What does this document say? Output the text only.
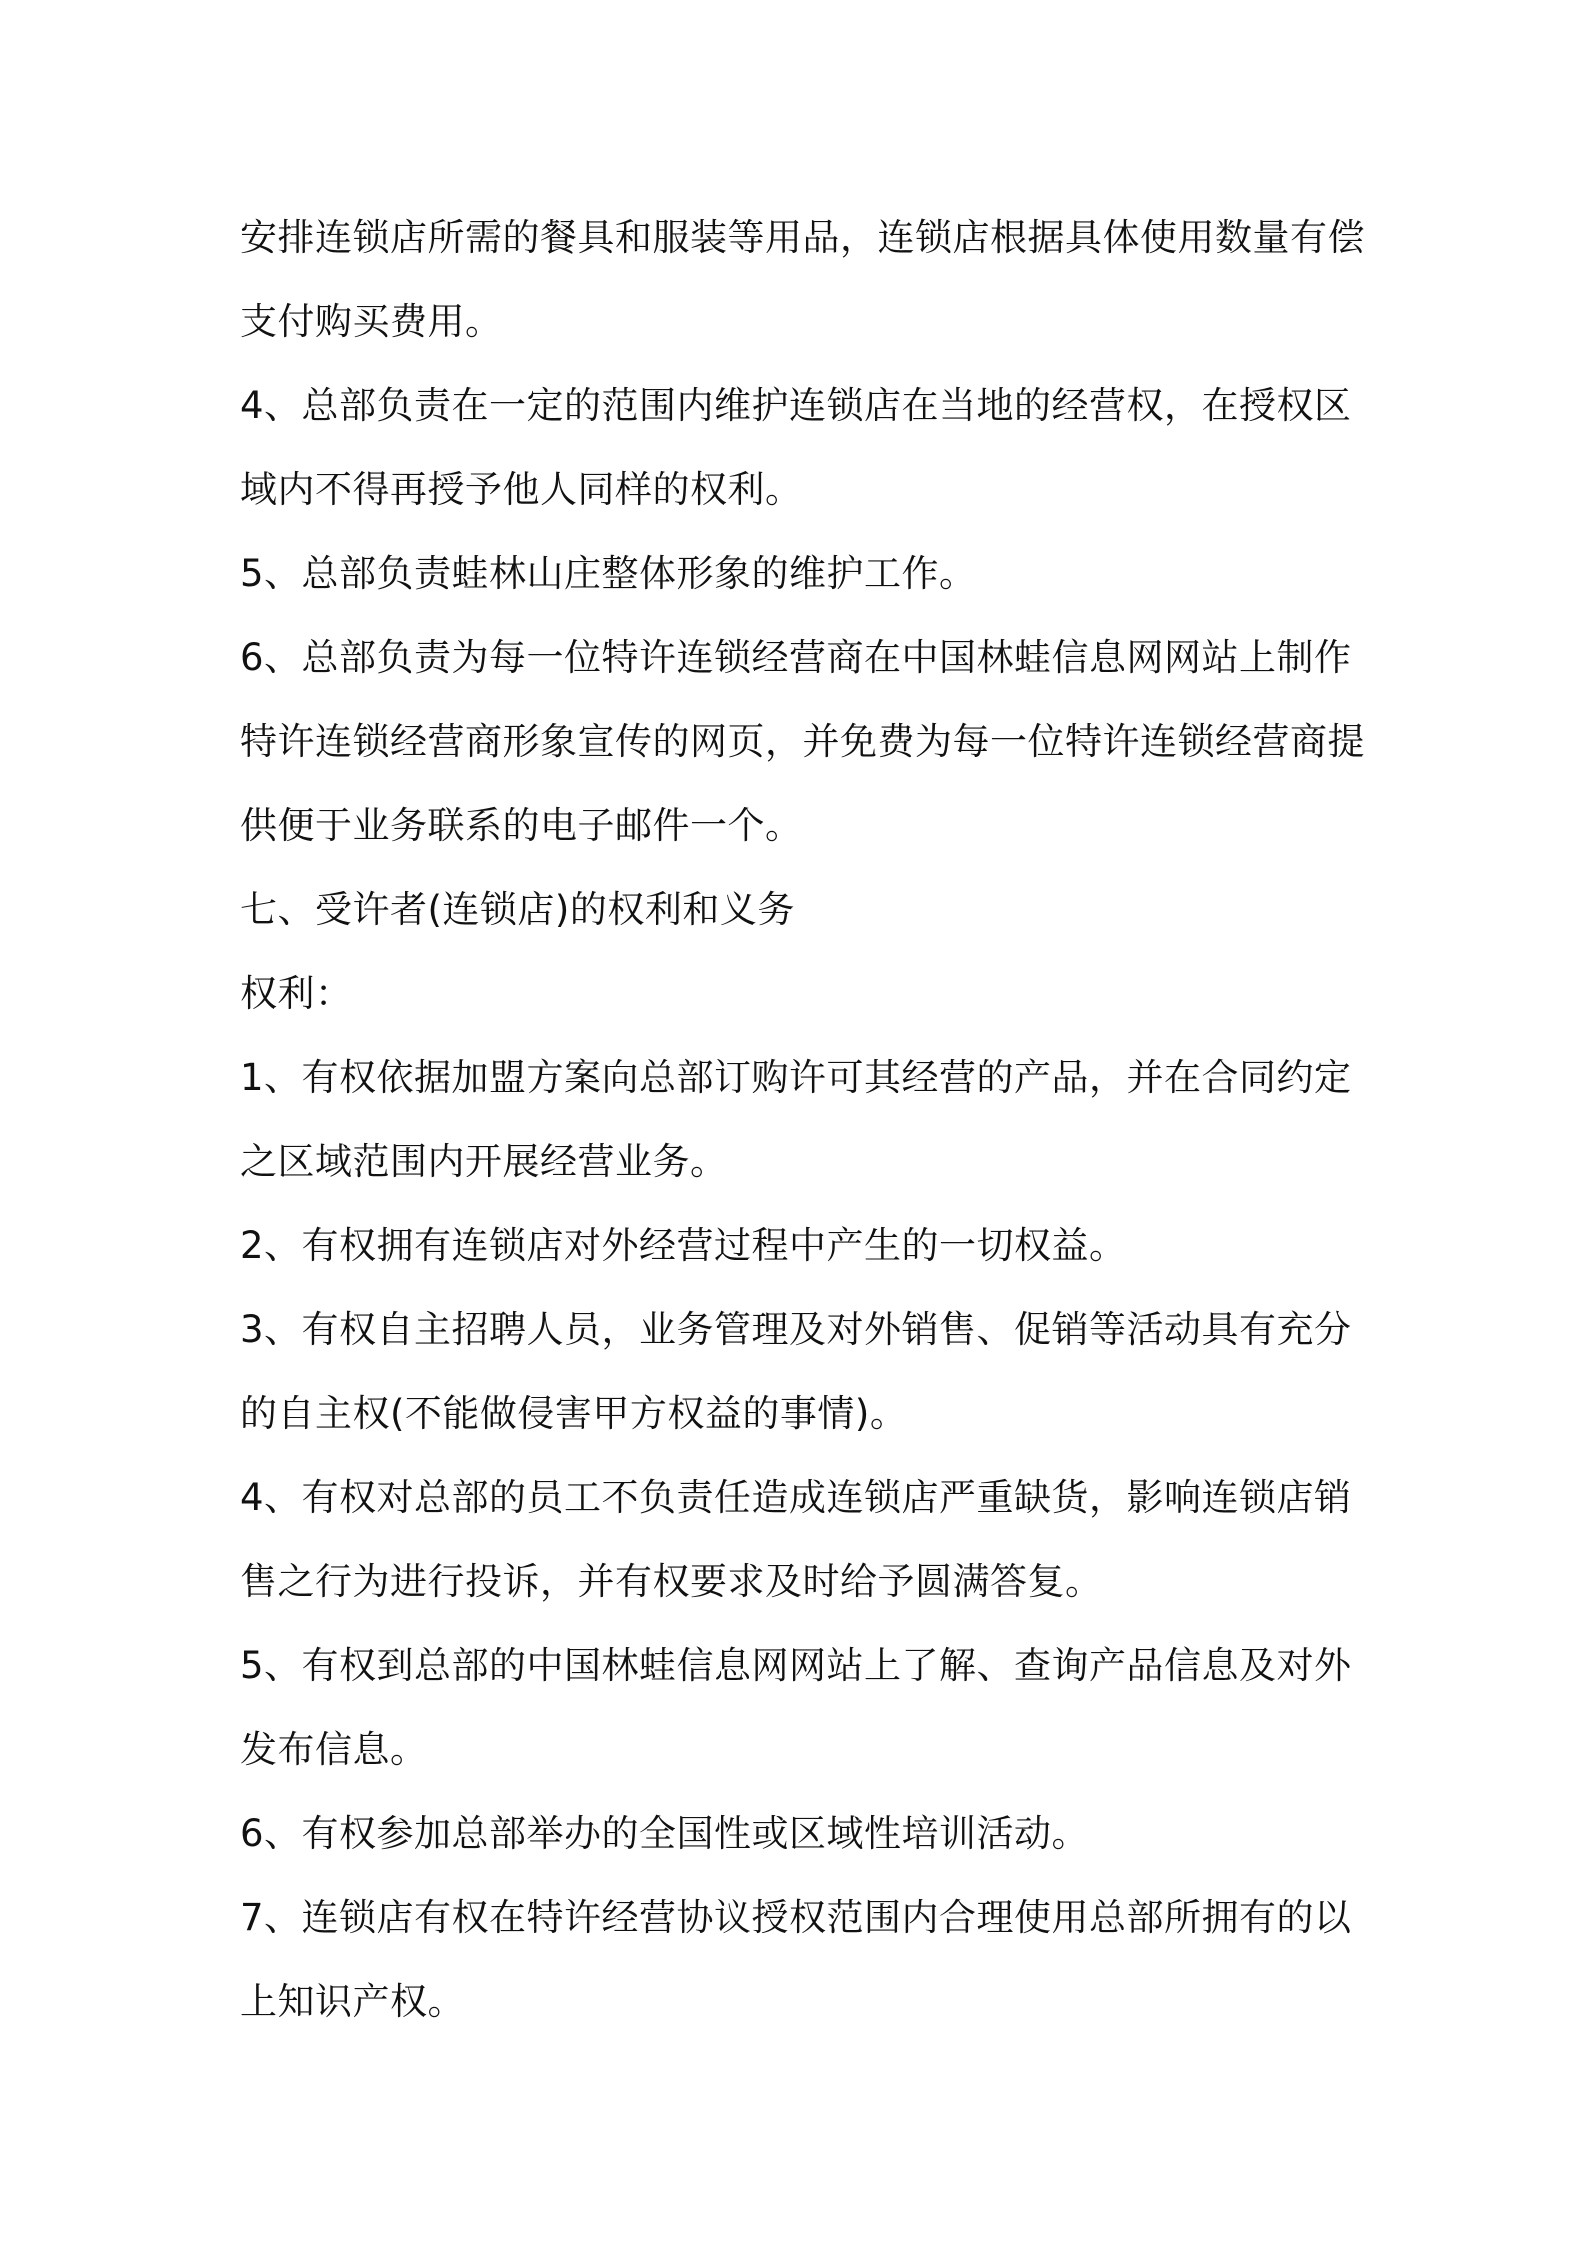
安排连锁店所需的餐具和服装等用品，连锁店根据具体使用数量有偿
支付购买费用。
4、总部负责在一定的范围内维护连锁店在当地的经营权，在授权区
域内不得再授予他人同样的权利。
5、总部负责蛙林山庄整体形象的维护工作。
6、总部负责为每一位特许连锁经营商在中国林蛙信息网网站上制作
特许连锁经营商形象宣传的网页，并免费为每一位特许连锁经营商提
供便于业务联系的电子邮件一个。
七、受许者(连锁店)的权利和义务
权利：
1、有权依据加盟方案向总部订购许可其经营的产品，并在合同约定
之区域范围内开展经营业务。
2、有权拥有连锁店对外经营过程中产生的一切权益。
3、有权自主招聘人员，业务管理及对外销售、促销等活动具有充分
的自主权(不能做侵害甲方权益的事情)。
4、有权对总部的员工不负责任造成连锁店严重缺货，影响连锁店销
售之行为进行投诉，并有权要求及时给予圆满答复。
5、有权到总部的中国林蛙信息网网站上了解、查询产品信息及对外
发布信息。
6、有权参加总部举办的全国性或区域性培训活动。
7、连锁店有权在特许经营协议授权范围内合理使用总部所拥有的以
上知识产权。
